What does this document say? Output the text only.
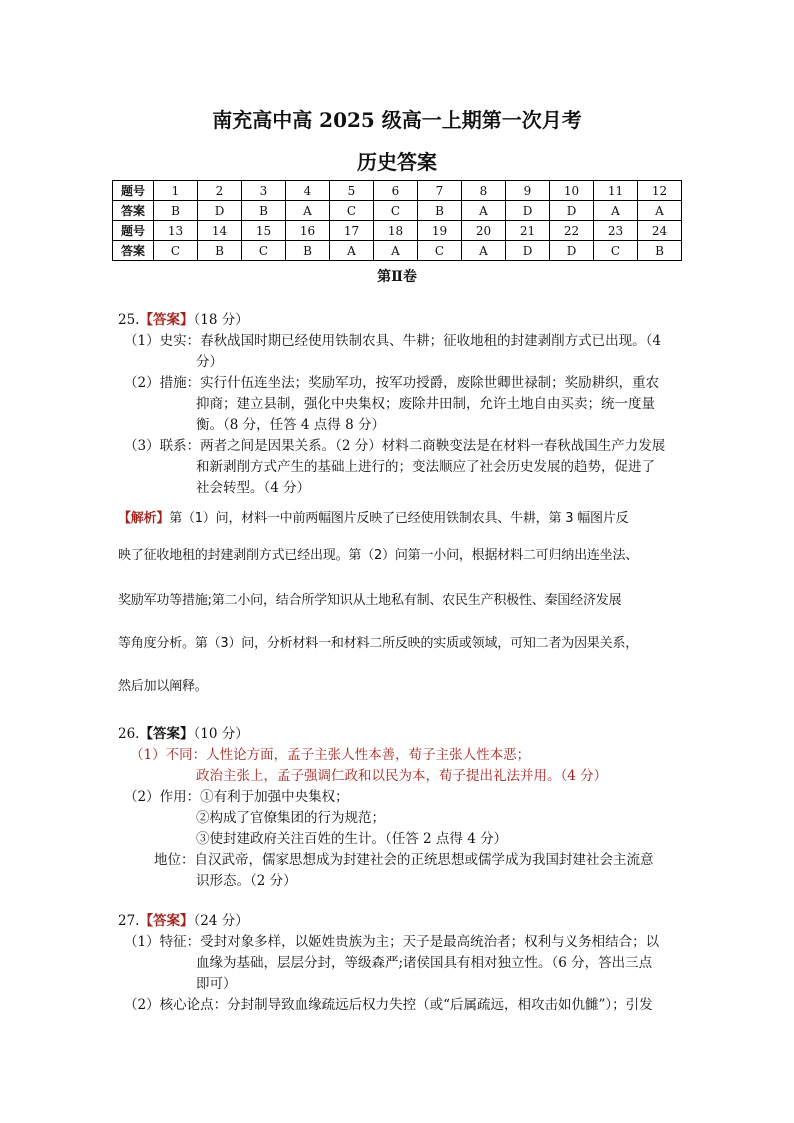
南充高中高 2025 级高一上期第一次月考
历史答案
题号	1	2	3	4	5	6	7	8	9	10	11	12
答案	B	D	B	A	C	C	B	A	D	D	A	A
题号	13	14	15	16	17	18	19	20	21	22	23	24
答案	C	B	C	B	A	A	C	A	D	D	C	B
第Ⅱ卷
25.【答案】（18 分）
（1）史实：春秋战国时期已经使用铁制农具、牛耕；征收地租的封建剥削方式已出现。（4
分）
（2）措施：实行什伍连坐法；奖励军功，按军功授爵，废除世卿世禄制；奖励耕织，重农
抑商；建立县制，强化中央集权；废除井田制，允许土地自由买卖；统一度量
衡。（8 分，任答 4 点得 8 分）
（3）联系：两者之间是因果关系。（2 分）材料二商鞅变法是在材料一春秋战国生产力发展
和新剥削方式产生的基础上进行的；变法顺应了社会历史发展的趋势，促进了
社会转型。（4 分）
【解析】第（1）问，材料一中前两幅图片反映了已经使用铁制农具、牛耕，第 3 幅图片反
映了征收地租的封建剥削方式已经出现。第（2）问第一小问，根据材料二可归纳出连坐法、
奖励军功等措施;第二小问，结合所学知识从土地私有制、农民生产积极性、秦国经济发展
等角度分析。第（3）问，分析材料一和材料二所反映的实质或领域，可知二者为因果关系，
然后加以阐释。
26.【答案】（10 分）
（1）不同：人性论方面，孟子主张人性本善，荀子主张人性本恶；
政治主张上，孟子强调仁政和以民为本，荀子提出礼法并用。（4 分）
（2）作用：①有利于加强中央集权；
②构成了官僚集团的行为规范；
③使封建政府关注百姓的生计。（任答 2 点得 4 分）
地位：自汉武帝，儒家思想成为封建社会的正统思想或儒学成为我国封建社会主流意
识形态。（2 分）
27.【答案】（24 分）
（1）特征：受封对象多样，以姬姓贵族为主；天子是最高统治者；权利与义务相结合；以
血缘为基础，层层分封，等级森严;诸侯国具有相对独立性。（6 分，答出三点
即可）
（2）核心论点：分封制导致血缘疏远后权力失控（或“后属疏远，相攻击如仇雠”）；引发
